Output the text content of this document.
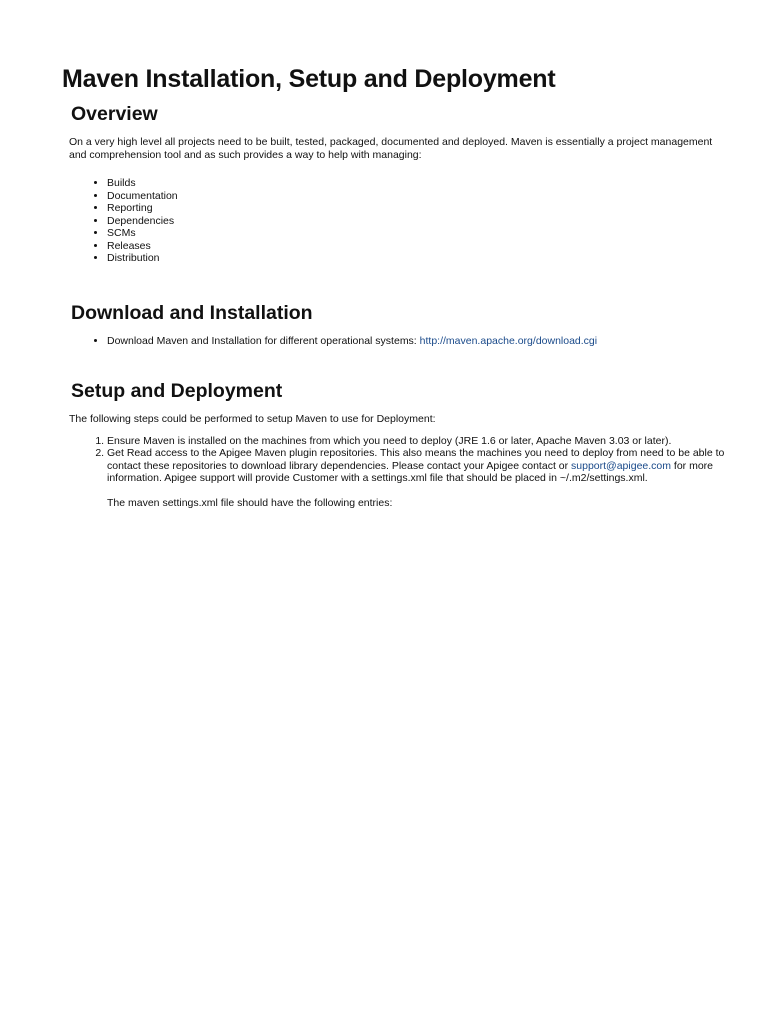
Maven Installation, Setup and Deployment
Overview

On a very high level all projects need to be built, tested, packaged, documented and deployed. Maven is essentially a project management and comprehension tool and as such provides a way to help with managing:

• Builds
• Documentation
• Reporting
• Dependencies
• SCMs
• Releases
• Distribution
Download and Installation
• Download Maven and Installation for different operational systems: http://maven.apache.org/download.cgi
Setup and Deployment

The following steps could be performed to setup Maven to use for Deployment:

1. Ensure Maven is installed on the machines from which you need to deploy (JRE 1.6 or later, Apache Maven 3.03 or later).
2. Get Read access to the Apigee Maven plugin repositories. This also means the machines you need to deploy from need to be able to contact these repositories to download library dependencies. Please contact your Apigee contact or support@apigee.com for more information. Apigee support will provide Customer with a settings.xml file that should be placed in ~/.m2/settings.xml.
The maven settings.xml file should have the following entries:
